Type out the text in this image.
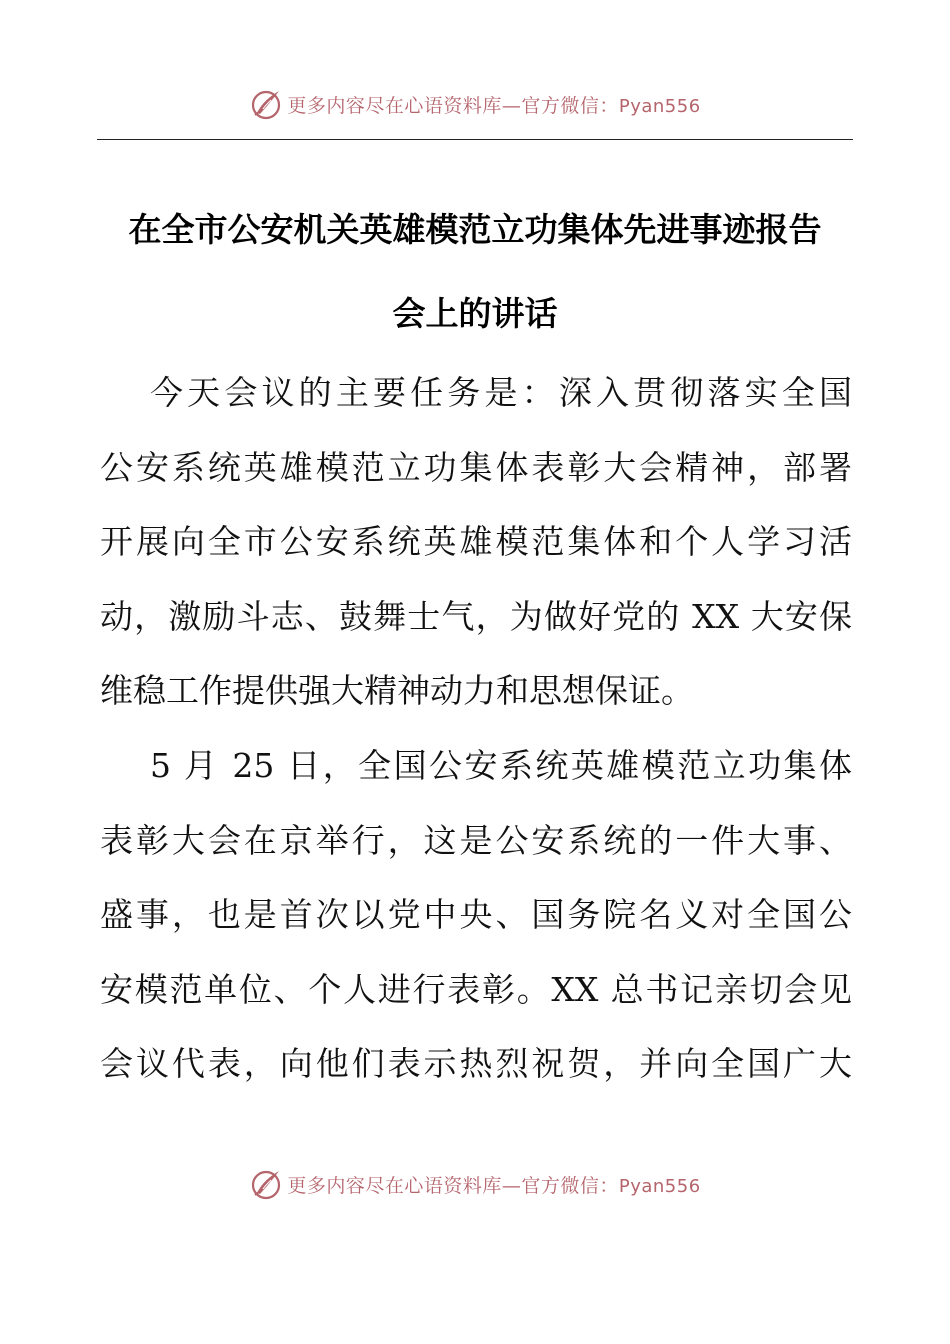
更多内容尽在心语资料库—官方微信：Pyan556
在全市公安机关英雄模范立功集体先进事迹报告
会上的讲话
今天会议的主要任务是：深入贯彻落实全国
公安系统英雄模范立功集体表彰大会精神，部署
开展向全市公安系统英雄模范集体和个人学习活
动，激励斗志、鼓舞士气，为做好党的 XX 大安保
维稳工作提供强大精神动力和思想保证。
5 月 25 日，全国公安系统英雄模范立功集体
表彰大会在京举行，这是公安系统的一件大事、
盛事，也是首次以党中央、国务院名义对全国公
安模范单位、个人进行表彰。XX 总书记亲切会见
会议代表，向他们表示热烈祝贺，并向全国广大
更多内容尽在心语资料库—官方微信：Pyan556
